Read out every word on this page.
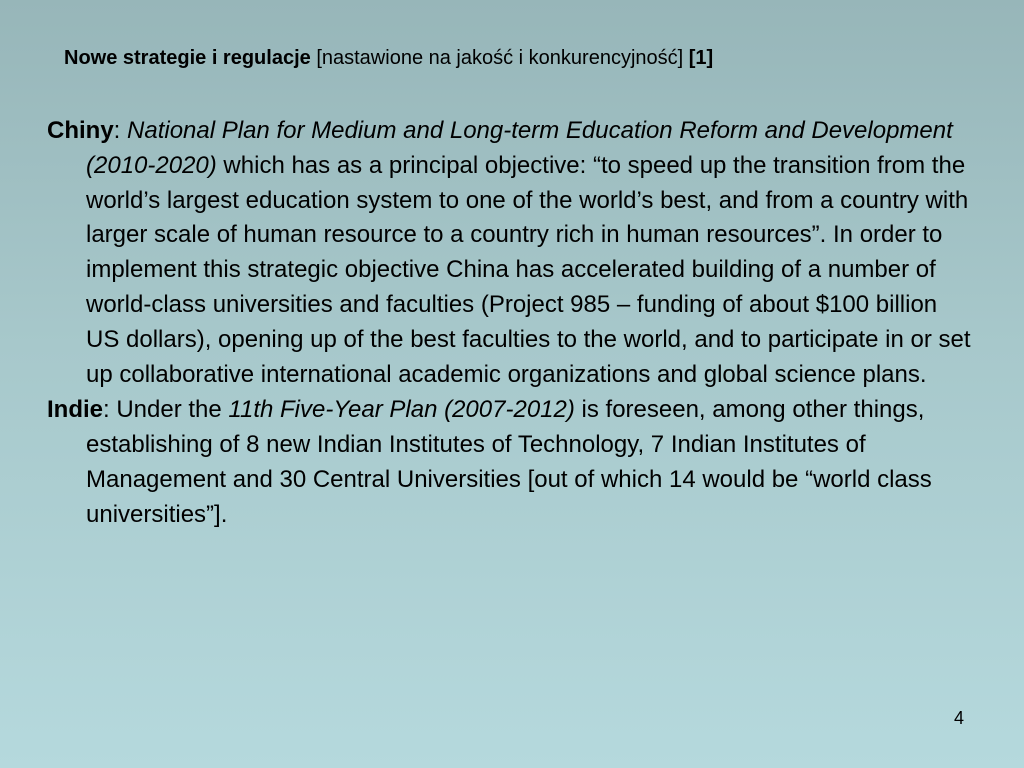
Nowe strategie i regulacje [nastawione na jakość i konkurencyjność] [1]

Chiny: National Plan for Medium and Long-term Education Reform and Development (2010-2020) which has as a principal objective: “to speed up the transition from the world’s largest education system to one of the world’s best, and from a country with larger scale of human resource to a country rich in human resources”. In order to implement this strategic objective China has accelerated building of a number of world-class universities and faculties (Project 985 – funding of about $100 billion US dollars), opening up of the best faculties to the world, and to participate in or set up collaborative international academic organizations and global science plans.

Indie: Under the 11th Five-Year Plan (2007-2012) is foreseen, among other things, establishing of 8 new Indian Institutes of Technology, 7 Indian Institutes of Management and 30 Central Universities [out of which 14 would be “world class universities”].

4
